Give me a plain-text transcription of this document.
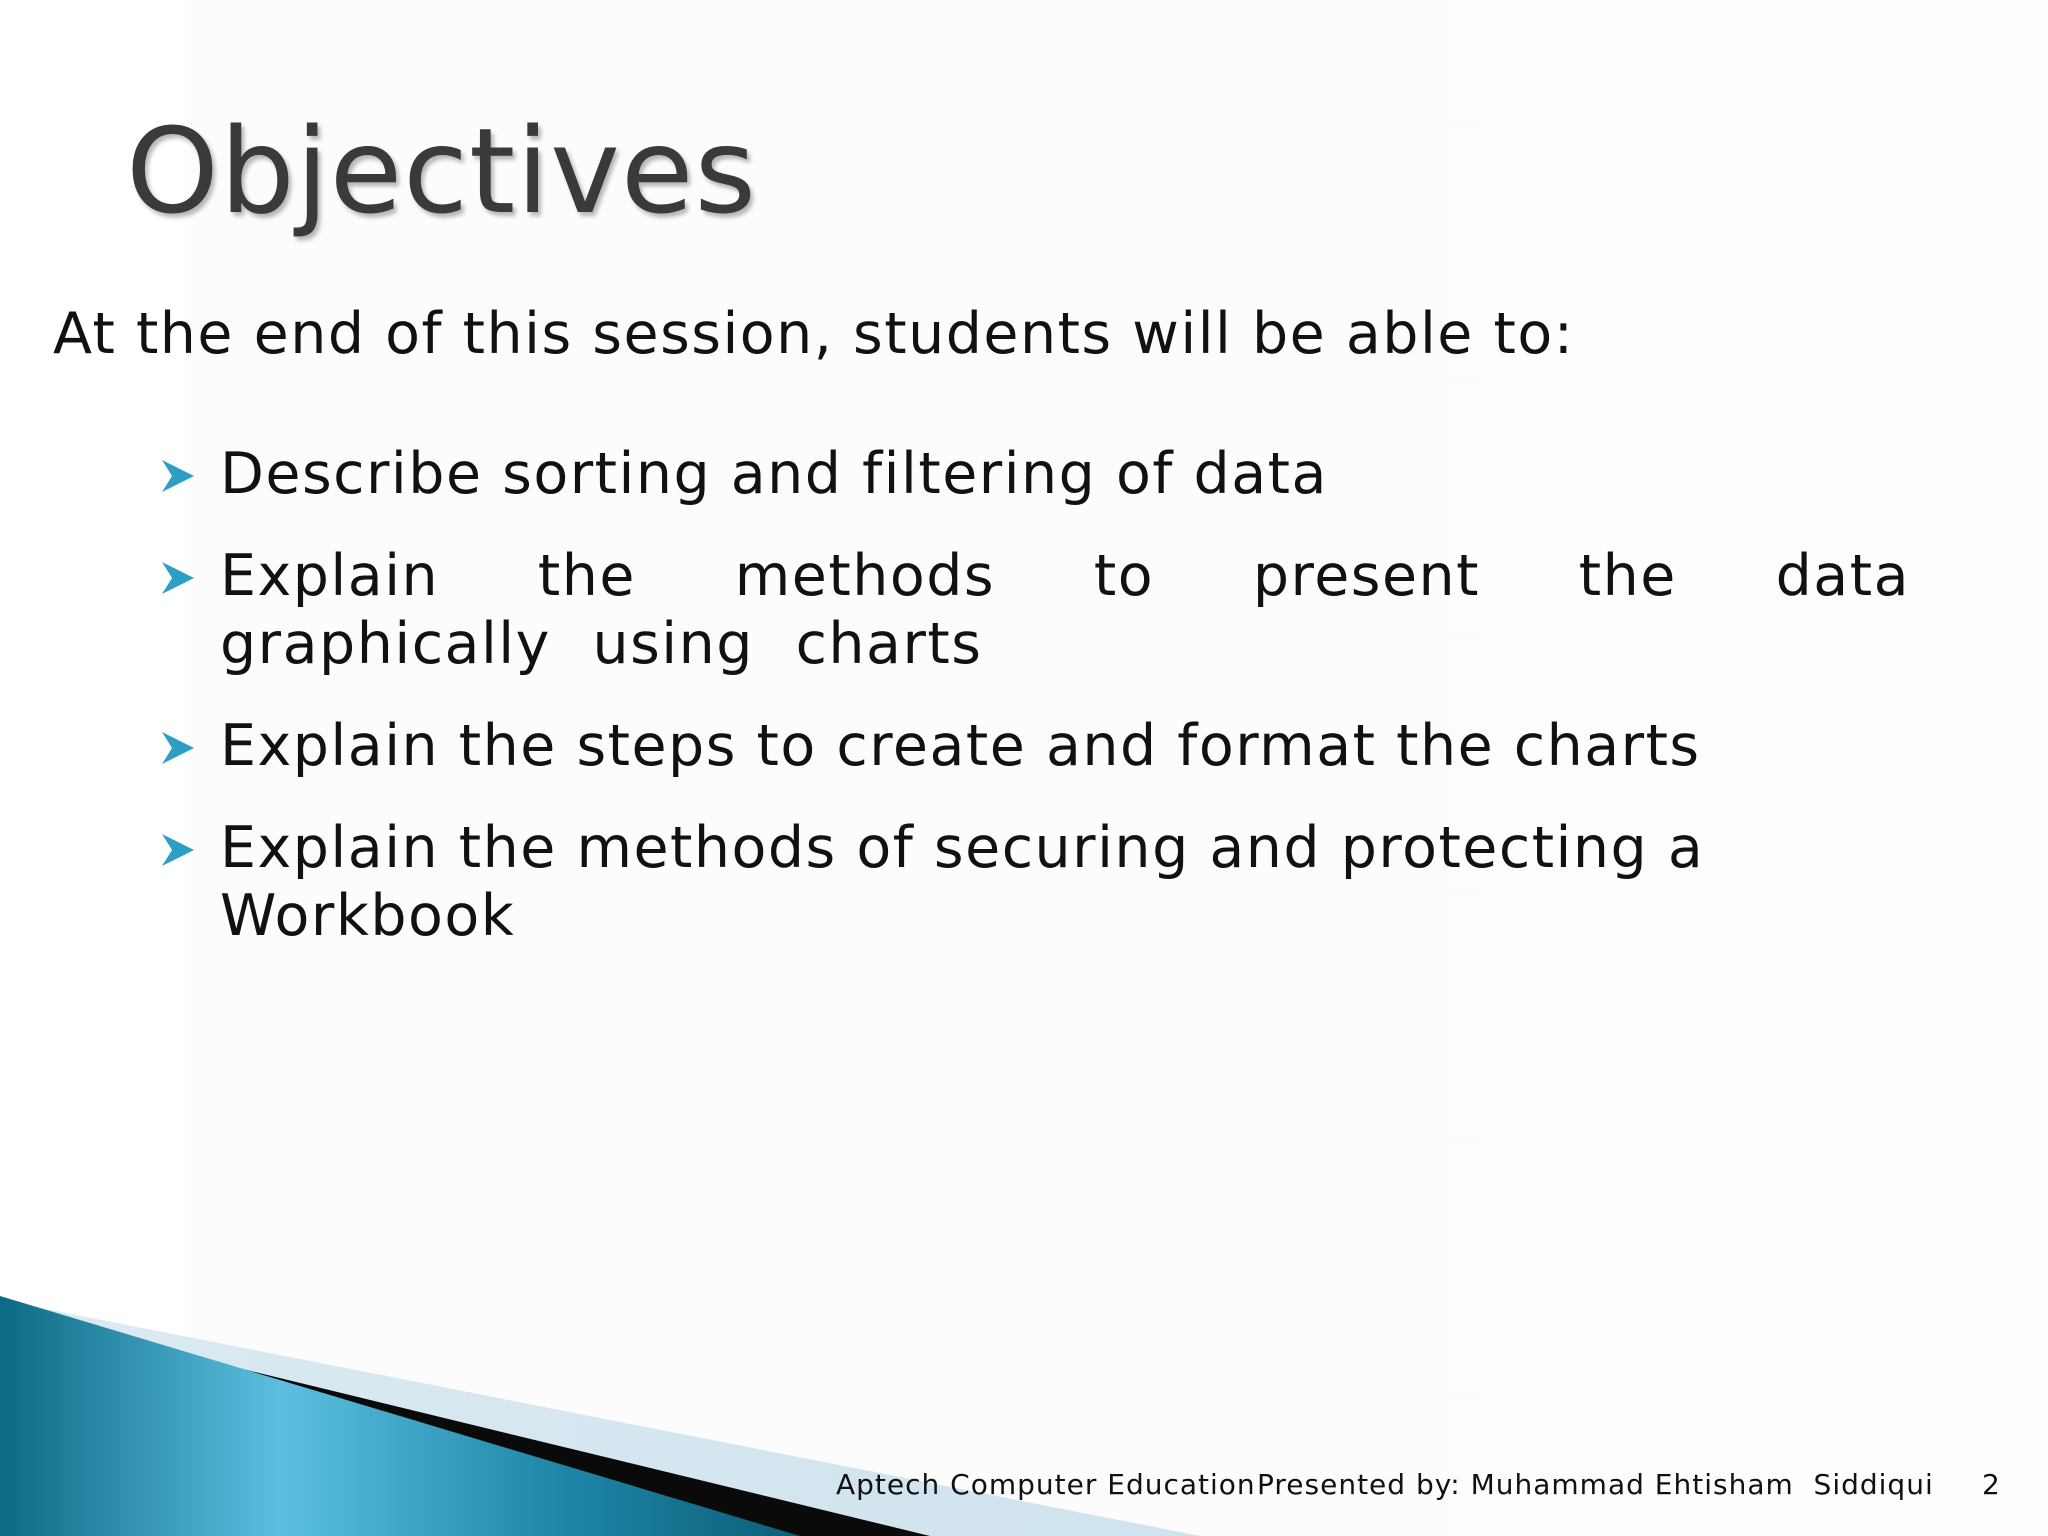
Objectives

At the end of this session, students will be able to:

Describe sorting and filtering of data
Explain the methods to present the data graphically using charts
Explain the steps to create and format the charts
Explain the methods of securing and protecting a Workbook
Aptech Computer Education Presented by: Muhammad Ehtisham  Siddiqui 2
